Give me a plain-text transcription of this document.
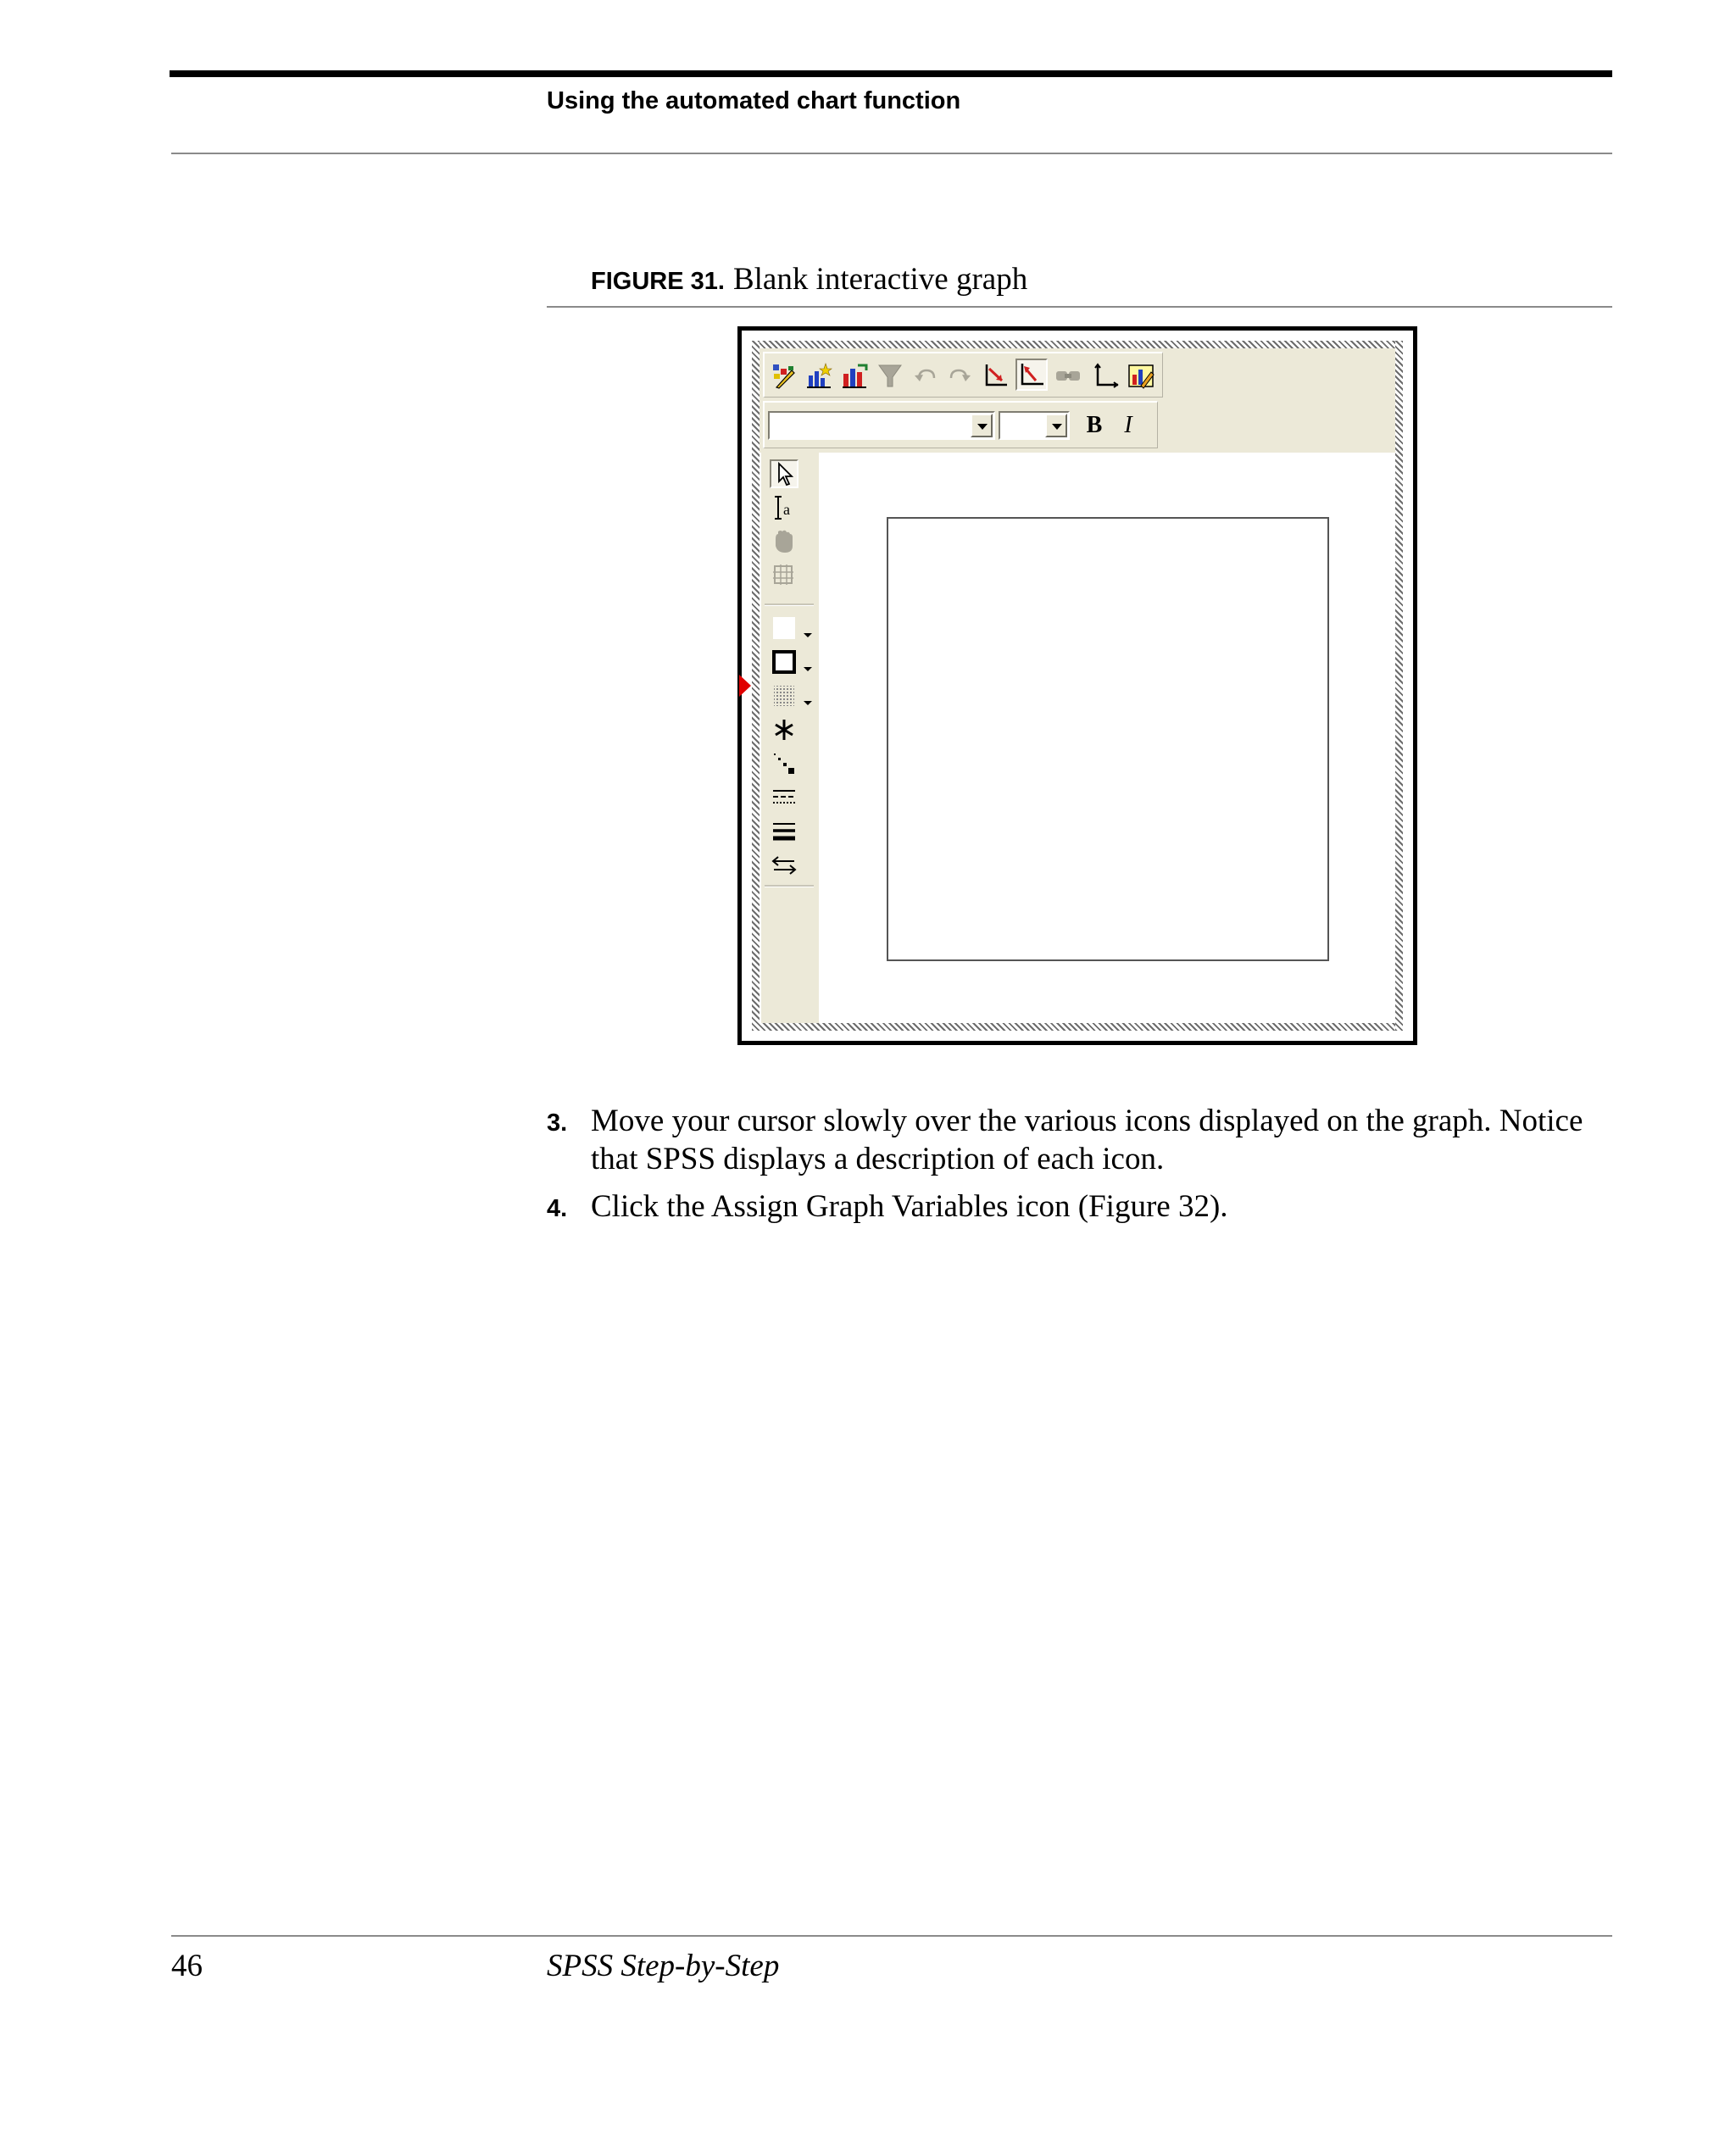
Using the automated chart function
FIGURE 31. Blank interactive graph
B I
a
3. Move your cursor slowly over the various icons displayed on the graph. Notice that SPSS displays a description of each icon.
4. Click the Assign Graph Variables icon (Figure 32).
46	SPSS Step-by-Step
